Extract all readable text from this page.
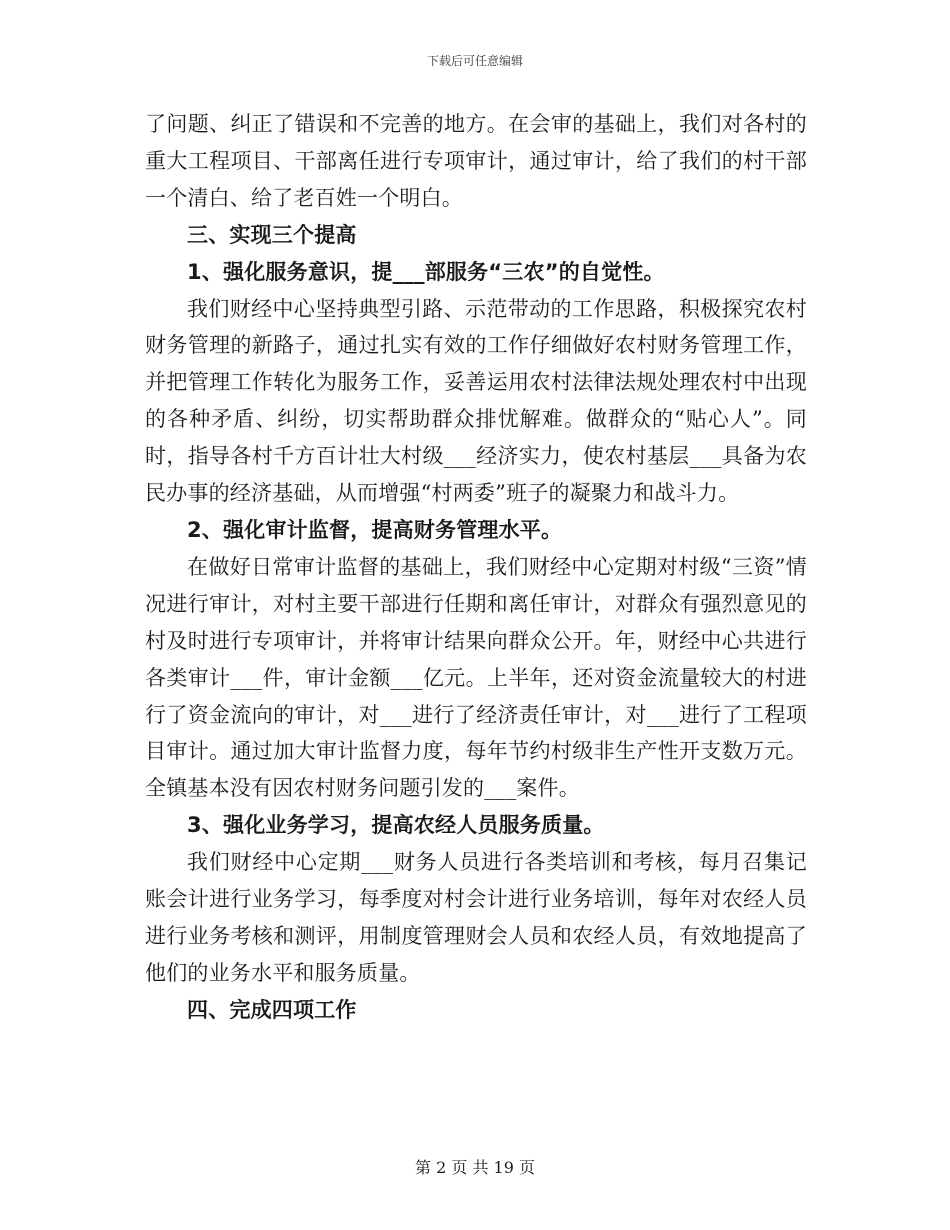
下载后可任意编辑

了问题、纠正了错误和不完善的地方。在会审的基础上，我们对各村的重大工程项目、干部离任进行专项审计，通过审计，给了我们的村干部一个清白、给了老百姓一个明白。

三、实现三个提高

1、强化服务意识，提___部服务“三农”的自觉性。

我们财经中心坚持典型引路、示范带动的工作思路，积极探究农村财务管理的新路子，通过扎实有效的工作仔细做好农村财务管理工作，并把管理工作转化为服务工作，妥善运用农村法律法规处理农村中出现的各种矛盾、纠纷，切实帮助群众排忧解难。做群众的“贴心人”。同时，指导各村千方百计壮大村级___经济实力，使农村基层___具备为农民办事的经济基础，从而增强“村两委”班子的凝聚力和战斗力。

2、强化审计监督，提高财务管理水平。

在做好日常审计监督的基础上，我们财经中心定期对村级“三资”情况进行审计，对村主要干部进行任期和离任审计，对群众有强烈意见的村及时进行专项审计，并将审计结果向群众公开。年，财经中心共进行各类审计___件，审计金额___亿元。上半年，还对资金流量较大的村进行了资金流向的审计，对___进行了经济责任审计，对___进行了工程项目审计。通过加大审计监督力度，每年节约村级非生产性开支数万元。全镇基本没有因农村财务问题引发的___案件。

3、强化业务学习，提高农经人员服务质量。

我们财经中心定期___财务人员进行各类培训和考核，每月召集记账会计进行业务学习，每季度对村会计进行业务培训，每年对农经人员进行业务考核和测评，用制度管理财会人员和农经人员，有效地提高了他们的业务水平和服务质量。

四、完成四项工作

第 2 页 共 19 页
